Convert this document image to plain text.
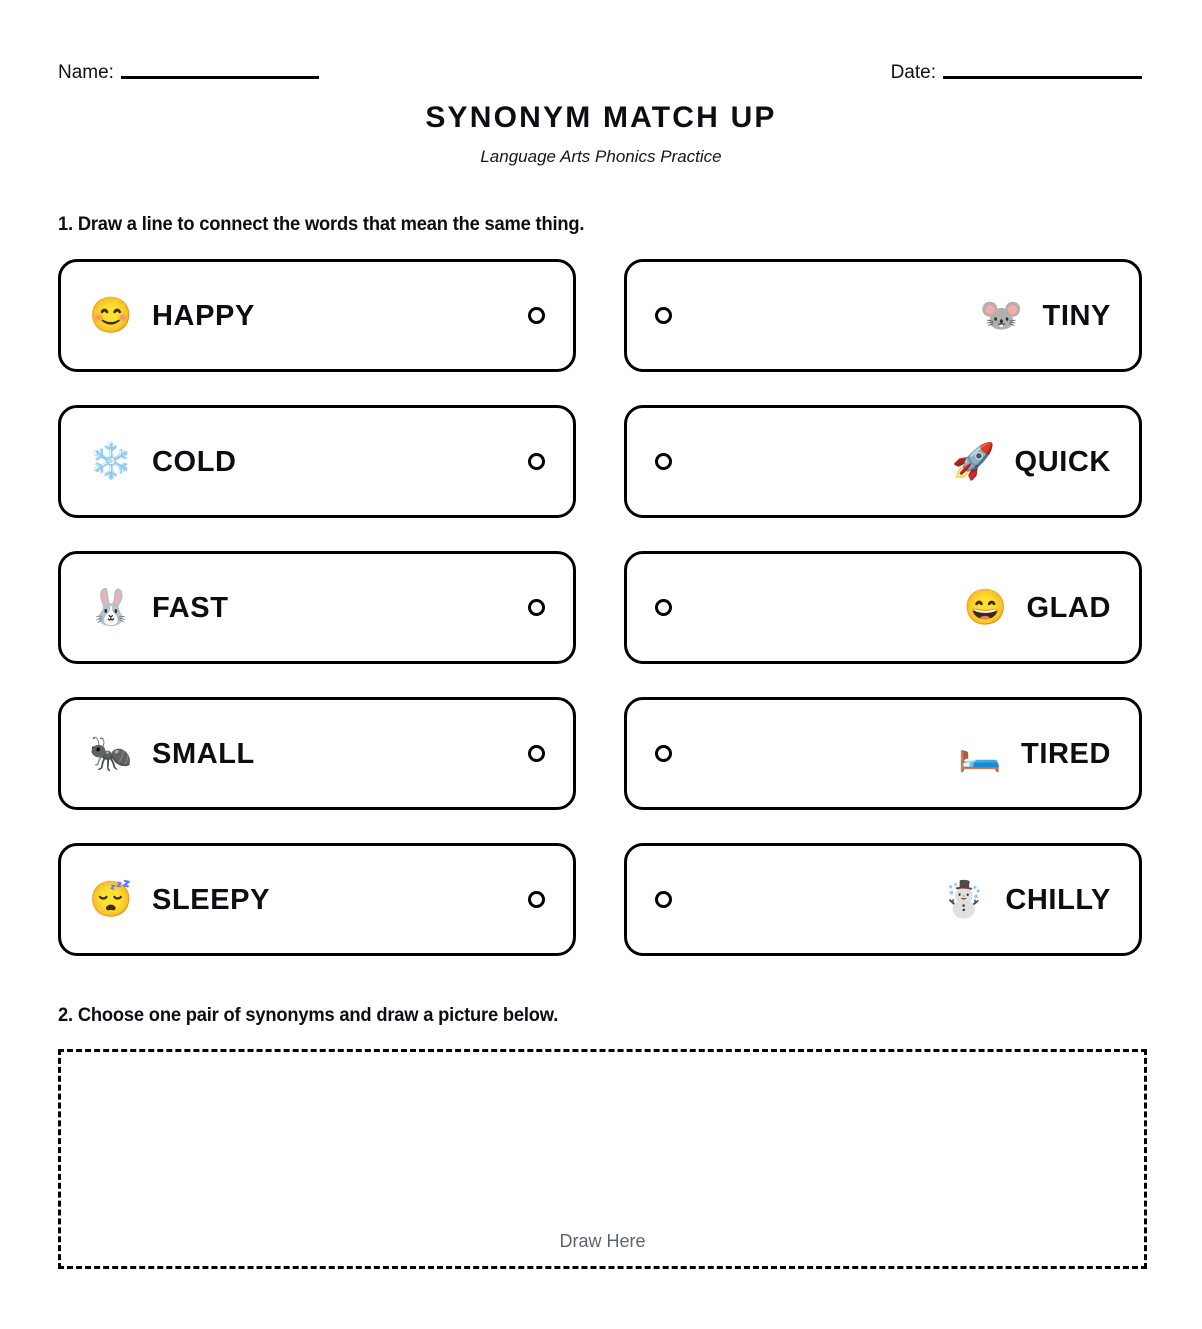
Name:	Date:
SYNONYM MATCH UP

Language Arts Phonics Practice

1. Draw a line to connect the words that mean the same thing.
😊 HAPPY	🐭 TINY
❄️ COLD	🚀 QUICK
🐰 FAST	😄 GLAD
🐜 SMALL	🛏️ TIRED
😴 SLEEPY	☃️ CHILLY
2. Choose one pair of synonyms and draw a picture below.
Draw Here
